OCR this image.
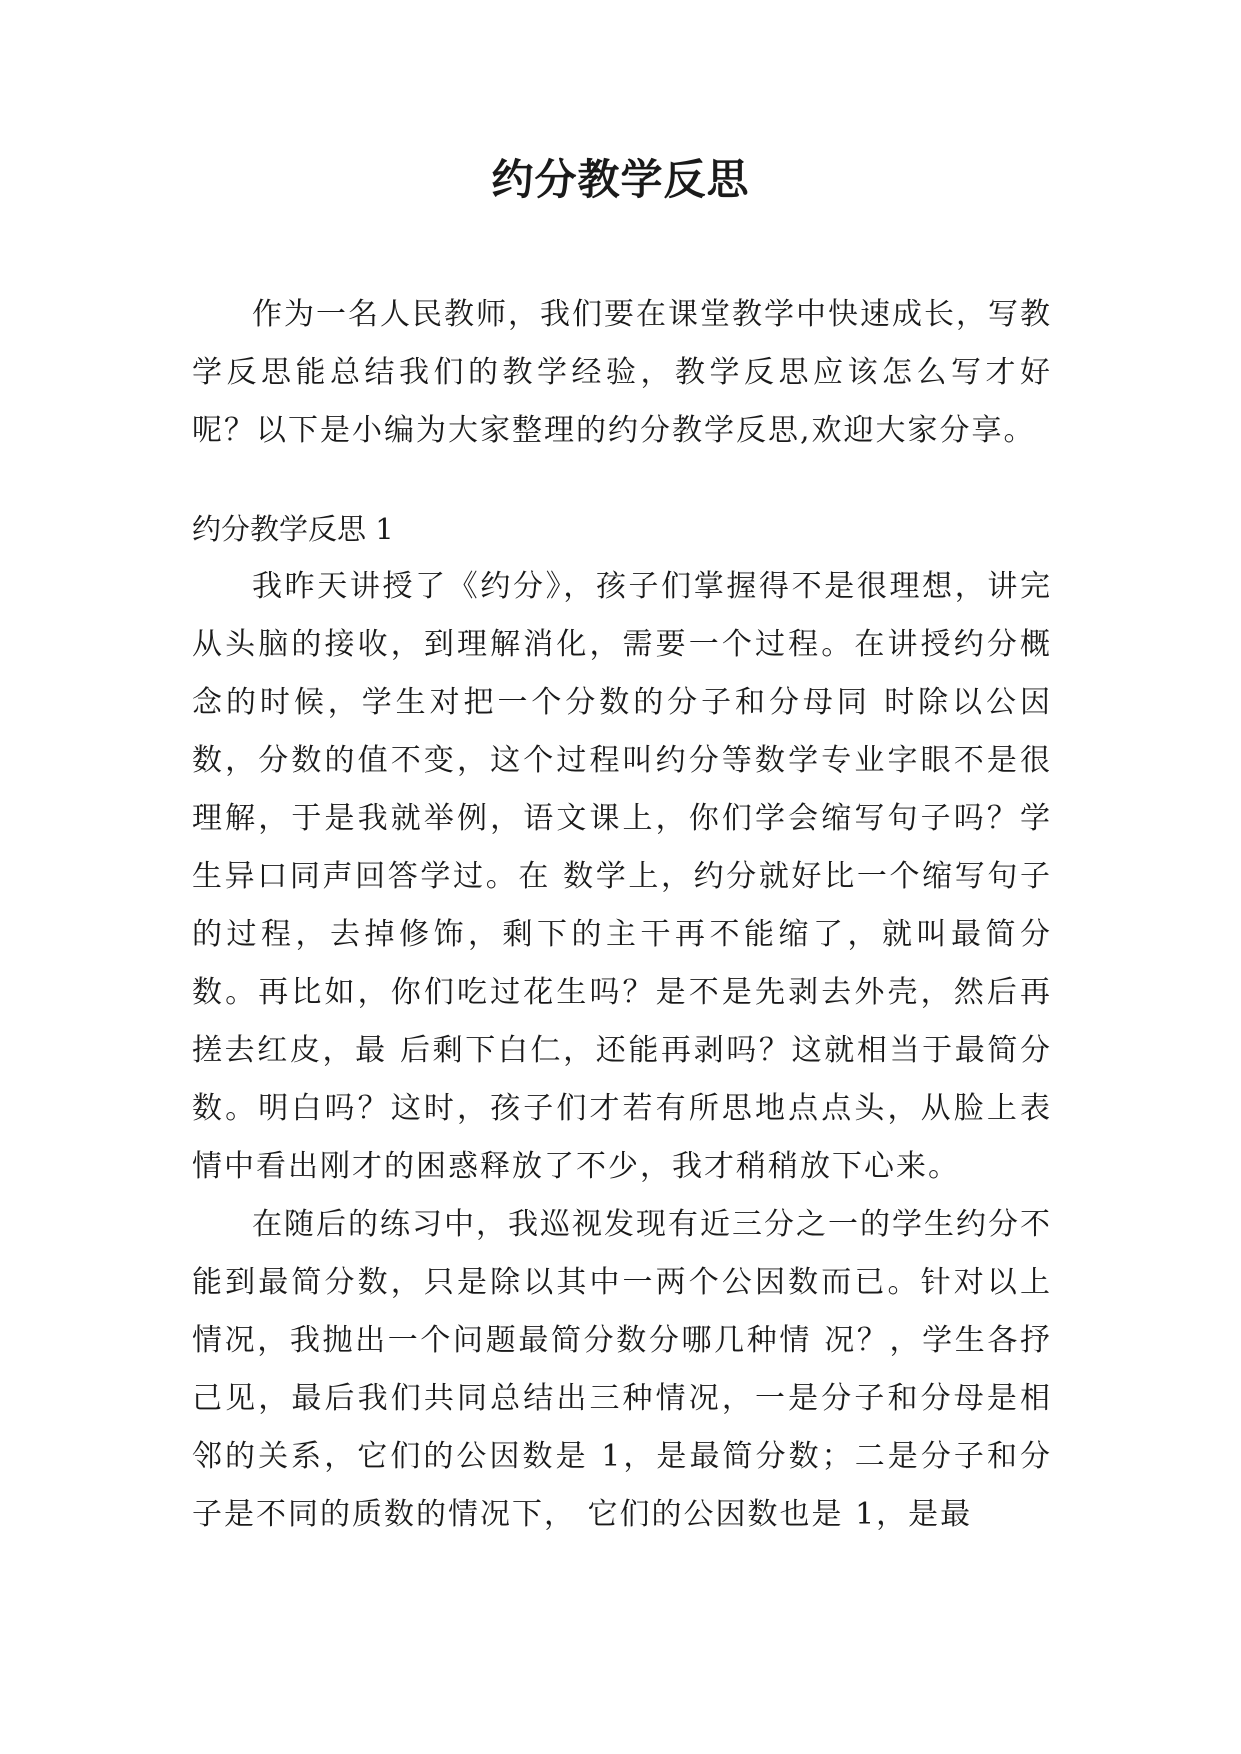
约分教学反思

作为一名人民教师，我们要在课堂教学中快速成长，写教学反思能总结我们的教学经验，教学反思应该怎么写才好呢？以下是小编为大家整理的约分教学反思,欢迎大家分享。

约分教学反思 1

我昨天讲授了《约分》，孩子们掌握得不是很理想，讲完从头脑的接收，到理解消化，需要一个过程。在讲授约分概念的时候，学生对把一个分数的分子和分母同 时除以公因数，分数的值不变，这个过程叫约分等数学专业字眼不是很理解，于是我就举例，语文课上，你们学会缩写句子吗？学生异口同声回答学过。在 数学上，约分就好比一个缩写句子的过程，去掉修饰，剩下的主干再不能缩了，就叫最简分数。再比如，你们吃过花生吗？是不是先剥去外壳，然后再搓去红皮，最 后剩下白仁，还能再剥吗？这就相当于最简分数。明白吗？这时，孩子们才若有所思地点点头，从脸上表情中看出刚才的困惑释放了不少，我才稍稍放下心来。

在随后的练习中，我巡视发现有近三分之一的学生约分不能到最简分数，只是除以其中一两个公因数而已。针对以上情况，我抛出一个问题最简分数分哪几种情 况？，学生各抒己见，最后我们共同总结出三种情况，一是分子和分母是相邻的关系，它们的公因数是 1，是最简分数；二是分子和分子是不同的质数的情况下， 它们的公因数也是 1，是最
